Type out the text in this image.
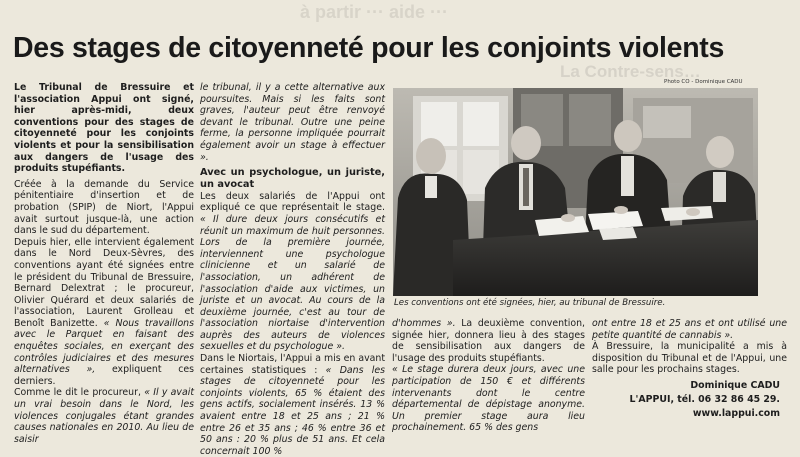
à partir ··· aide ···
La Contre-sens…
Des stages de citoyenneté pour les conjoints violents

Le Tribunal de Bressuire et l'association Appui ont signé, hier après-midi, deux conventions pour des stages de citoyenneté pour les conjoints violents et pour la sensibilisation aux dangers de l'usage des produits stupéfiants.

Créée à la demande du Service pénitentiaire d'insertion et de probation (SPIP) de Niort, l'Appui avait surtout jusque-là, une action dans le sud du département.

Depuis hier, elle intervient également dans le Nord Deux-Sèvres, des conventions ayant été signées entre le président du Tribunal de Bressuire, Bernard Delextrat ; le procureur, Olivier Quérard et deux salariés de l'association, Laurent Grolleau et Benoît Banizette. « Nous travaillons avec le Parquet en faisant des enquêtes sociales, en exerçant des contrôles judiciaires et des mesures alternatives », expliquent ces derniers.

Comme le dit le procureur, « Il y avait un vrai besoin dans le Nord, les violences conjugales étant grandes causes nationales en 2010. Au lieu de saisir

le tribunal, il y a cette alternative aux poursuites. Mais si les faits sont graves, l'auteur peut être renvoyé devant le tribunal. Outre une peine ferme, la personne impliquée pourrait également avoir un stage à effectuer ».

Avec un psychologue, un juriste, un avocat

Les deux salariés de l'Appui ont expliqué ce que représentait le stage. « Il dure deux jours consécutifs et réunit un maximum de huit personnes. Lors de la première journée, interviennent une psychologue clinicienne et un salarié de l'association, un adhérent de l'association d'aide aux victimes, un juriste et un avocat. Au cours de la deuxième journée, c'est au tour de l'association niortaise d'intervention auprès des auteurs de violences sexuelles et du psychologue ».

Dans le Niortais, l'Appui a mis en avant certaines statistiques : « Dans les stages de citoyenneté pour les conjoints violents, 65 % étaient des gens actifs, socialement insérés. 13 % avaient entre 18 et 25 ans ; 21 % entre 26 et 35 ans ; 46 % entre 36 et 50 ans : 20 % plus de 51 ans. Et cela concernait 100 %

Photo CO - Dominique CADU
Les conventions ont été signées, hier, au tribunal de Bressuire.

d'hommes ». La deuxième convention, signée hier, donnera lieu à des stages de sensibilisation aux dangers de l'usage des produits stupéfiants.

« Le stage durera deux jours, avec une participation de 150 € et différents intervenants dont le centre départemental de dépistage anonyme. Un premier stage aura lieu prochainement. 65 % des gens

ont entre 18 et 25 ans et ont utilisé une petite quantité de cannabis ».

À Bressuire, la municipalité a mis à disposition du Tribunal et de l'Appui, une salle pour les prochains stages.

Dominique CADU
L'APPUI, tél. 06 32 86 45 29.
www.lappui.com
